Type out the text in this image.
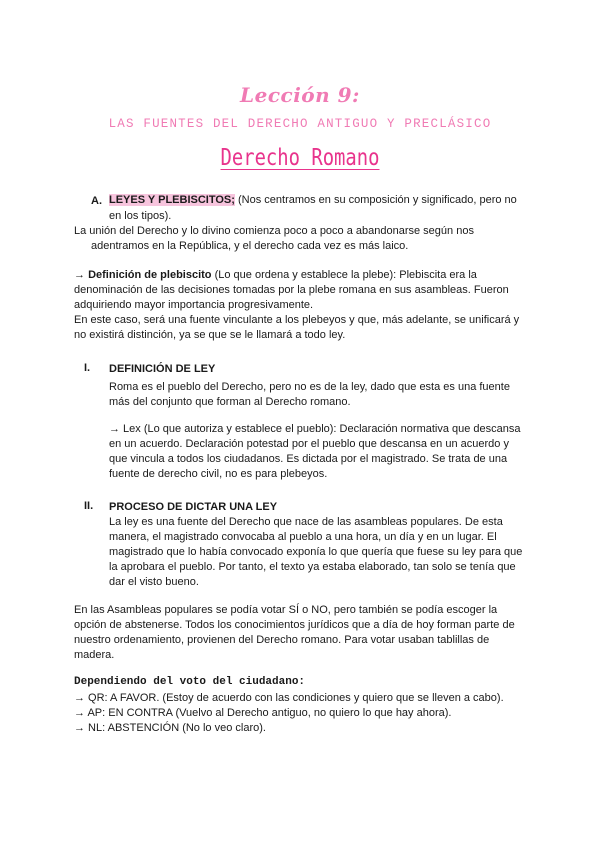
Lección 9:
LAS FUENTES DEL DERECHO ANTIGUO Y PRECLÁSICO
Derecho Romano
A. LEYES Y PLEBISCITOS; (Nos centramos en su composición y significado, pero no
en los tipos).
La unión del Derecho y lo divino comienza poco a poco a abandonarse según nos
adentramos en la República, y el derecho cada vez es más laico.
→ Definición de plebiscito (Lo que ordena y establece la plebe): Plebiscita era la
denominación de las decisiones tomadas por la plebe romana en sus asambleas. Fueron
adquiriendo mayor importancia progresivamente.
En este caso, será una fuente vinculante a los plebeyos y que, más adelante, se unificará y
no existirá distinción, ya se que se le llamará a todo ley.
I. DEFINICIÓN DE LEY
Roma es el pueblo del Derecho, pero no es de la ley, dado que esta es una fuente
más del conjunto que forman al Derecho romano.
→ Lex (Lo que autoriza y establece el pueblo): Declaración normativa que descansa
en un acuerdo. Declaración potestad por el pueblo que descansa en un acuerdo y
que vincula a todos los ciudadanos. Es dictada por el magistrado. Se trata de una
fuente de derecho civil, no es para plebeyos.
II. PROCESO DE DICTAR UNA LEY
La ley es una fuente del Derecho que nace de las asambleas populares. De esta
manera, el magistrado convocaba al pueblo a una hora, un día y en un lugar. El
magistrado que lo había convocado exponía lo que quería que fuese su ley para que
la aprobara el pueblo. Por tanto, el texto ya estaba elaborado, tan solo se tenía que
dar el visto bueno.
En las Asambleas populares se podía votar SÍ o NO, pero también se podía escoger la
opción de abstenerse. Todos los conocimientos jurídicos que a día de hoy forman parte de
nuestro ordenamiento, provienen del Derecho romano. Para votar usaban tablillas de
madera.
Dependiendo del voto del ciudadano:
→ QR: A FAVOR. (Estoy de acuerdo con las condiciones y quiero que se lleven a cabo).
→ AP: EN CONTRA (Vuelvo al Derecho antiguo, no quiero lo que hay ahora).
→ NL: ABSTENCIÓN (No lo veo claro).
